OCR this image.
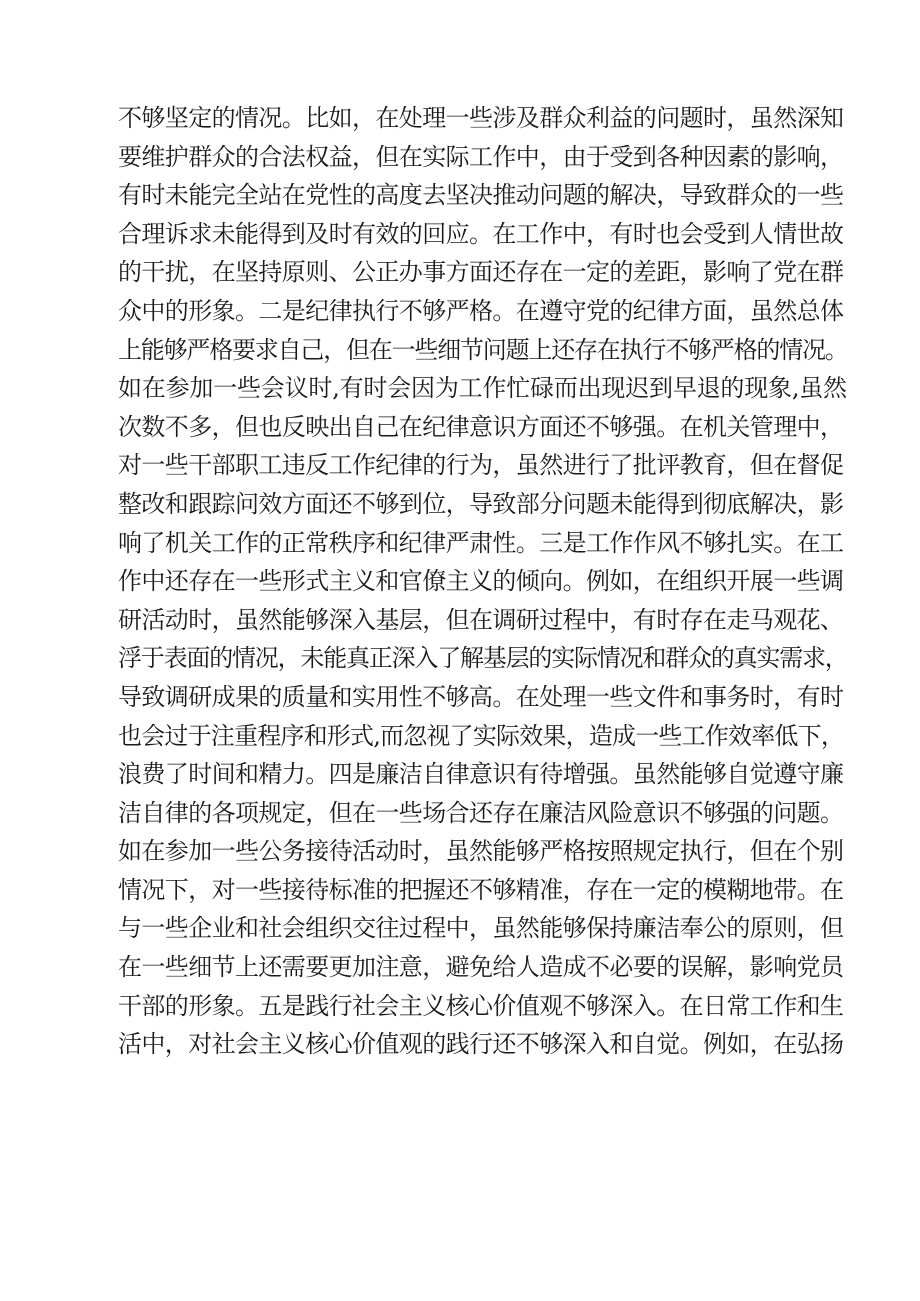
不够坚定的情况。比如，在处理一些涉及群众利益的问题时，虽然深知
要维护群众的合法权益，但在实际工作中，由于受到各种因素的影响，
有时未能完全站在党性的高度去坚决推动问题的解决，导致群众的一些
合理诉求未能得到及时有效的回应。在工作中，有时也会受到人情世故
的干扰，在坚持原则、公正办事方面还存在一定的差距，影响了党在群
众中的形象。二是纪律执行不够严格。在遵守党的纪律方面，虽然总体
上能够严格要求自己，但在一些细节问题上还存在执行不够严格的情况。
如在参加一些会议时,有时会因为工作忙碌而出现迟到早退的现象,虽然
次数不多，但也反映出自己在纪律意识方面还不够强。在机关管理中，
对一些干部职工违反工作纪律的行为，虽然进行了批评教育，但在督促
整改和跟踪问效方面还不够到位，导致部分问题未能得到彻底解决，影
响了机关工作的正常秩序和纪律严肃性。三是工作作风不够扎实。在工
作中还存在一些形式主义和官僚主义的倾向。例如，在组织开展一些调
研活动时，虽然能够深入基层，但在调研过程中，有时存在走马观花、
浮于表面的情况，未能真正深入了解基层的实际情况和群众的真实需求，
导致调研成果的质量和实用性不够高。在处理一些文件和事务时，有时
也会过于注重程序和形式,而忽视了实际效果，造成一些工作效率低下，
浪费了时间和精力。四是廉洁自律意识有待增强。虽然能够自觉遵守廉
洁自律的各项规定，但在一些场合还存在廉洁风险意识不够强的问题。
如在参加一些公务接待活动时，虽然能够严格按照规定执行，但在个别
情况下，对一些接待标准的把握还不够精准，存在一定的模糊地带。在
与一些企业和社会组织交往过程中，虽然能够保持廉洁奉公的原则，但
在一些细节上还需要更加注意，避免给人造成不必要的误解，影响党员
干部的形象。五是践行社会主义核心价值观不够深入。在日常工作和生
活中，对社会主义核心价值观的践行还不够深入和自觉。例如，在弘扬
